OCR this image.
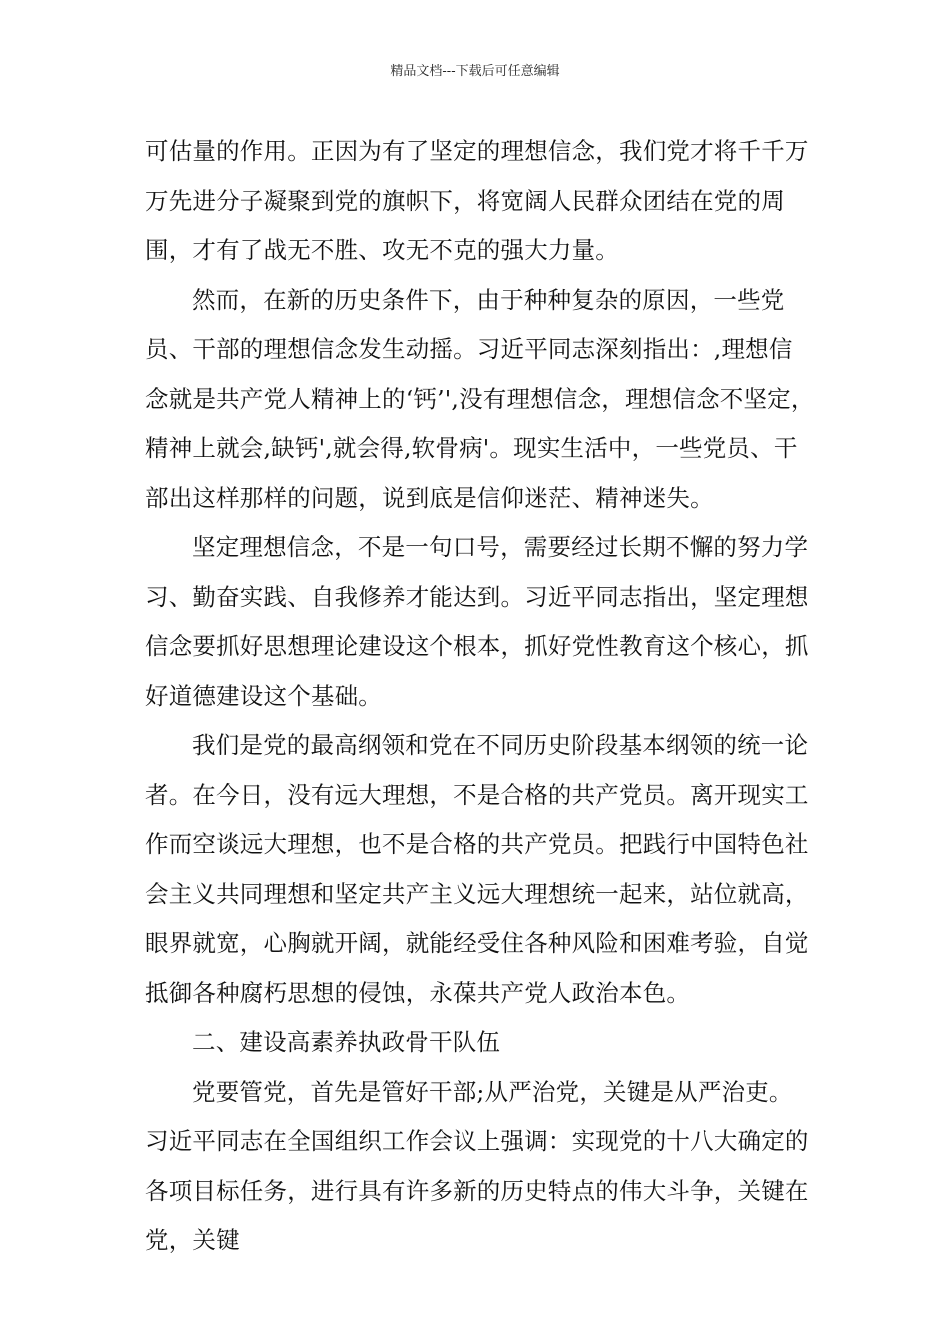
精品文档---下载后可任意编辑

可估量的作用。正因为有了坚定的理想信念，我们党才将千千万万先进分子凝聚到党的旗帜下，将宽阔人民群众团结在党的周围，才有了战无不胜、攻无不克的强大力量。

然而，在新的历史条件下，由于种种复杂的原因，一些党员、干部的理想信念发生动摇。习近平同志深刻指出：,理想信念就是共产党人精神上的‘钙’',没有理想信念，理想信念不坚定，精神上就会,缺钙',就会得,软骨病'。现实生活中，一些党员、干部出这样那样的问题，说到底是信仰迷茫、精神迷失。

坚定理想信念，不是一句口号，需要经过长期不懈的努力学习、勤奋实践、自我修养才能达到。习近平同志指出，坚定理想信念要抓好思想理论建设这个根本，抓好党性教育这个核心，抓好道德建设这个基础。

我们是党的最高纲领和党在不同历史阶段基本纲领的统一论者。在今日，没有远大理想，不是合格的共产党员。离开现实工作而空谈远大理想，也不是合格的共产党员。把践行中国特色社会主义共同理想和坚定共产主义远大理想统一起来，站位就高，眼界就宽，心胸就开阔，就能经受住各种风险和困难考验，自觉抵御各种腐朽思想的侵蚀，永葆共产党人政治本色。

二、建设高素养执政骨干队伍

党要管党，首先是管好干部;从严治党，关键是从严治吏。习近平同志在全国组织工作会议上强调：实现党的十八大确定的各项目标任务，进行具有许多新的历史特点的伟大斗争，关键在党，关键
